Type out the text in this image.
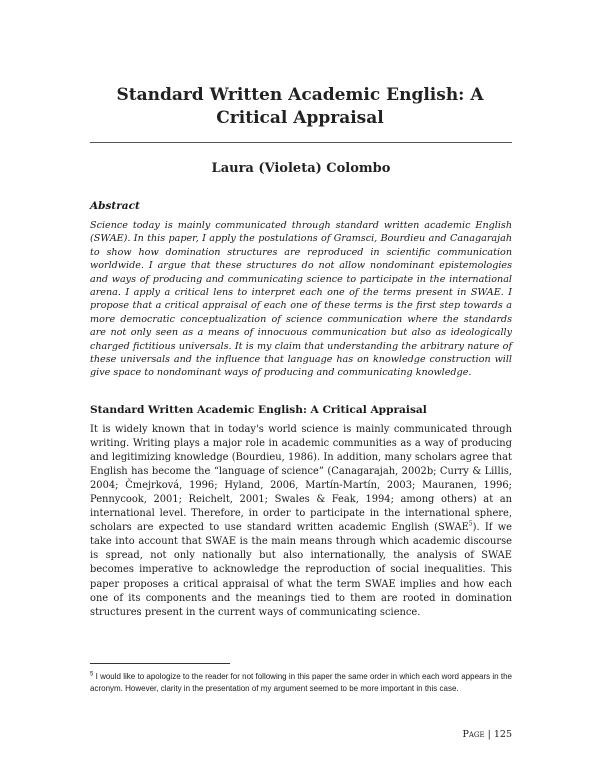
Standard Written Academic English: A Critical Appraisal
Laura (Violeta) Colombo
Abstract
Science today is mainly communicated through standard written academic English (SWAE). In this paper, I apply the postulations of Gramsci, Bourdieu and Canagarajah to show how domination structures are reproduced in scientific communication worldwide. I argue that these structures do not allow nondominant epistemologies and ways of producing and communicating science to participate in the international arena. I apply a critical lens to interpret each one of the terms present in SWAE. I propose that a critical appraisal of each one of these terms is the first step towards a more democratic conceptualization of science communication where the standards are not only seen as a means of innocuous communication but also as ideologically charged fictitious universals. It is my claim that understanding the arbitrary nature of these universals and the influence that language has on knowledge construction will give space to nondominant ways of producing and communicating knowledge.
Standard Written Academic English: A Critical Appraisal
It is widely known that in today's world science is mainly communicated through writing. Writing plays a major role in academic communities as a way of producing and legitimizing knowledge (Bourdieu, 1986). In addition, many scholars agree that English has become the “language of science” (Canagarajah, 2002b; Curry & Lillis, 2004; Čmejrková, 1996; Hyland, 2006, Martín-Martín, 2003; Mauranen, 1996; Pennycook, 2001; Reichelt, 2001; Swales & Feak, 1994; among others) at an international level. Therefore, in order to participate in the international sphere, scholars are expected to use standard written academic English (SWAE$^5$). If we take into account that SWAE is the main means through which academic discourse is spread, not only nationally but also internationally, the analysis of SWAE becomes imperative to acknowledge the reproduction of social inequalities. This paper proposes a critical appraisal of what the term SWAE implies and how each one of its components and the meanings tied to them are rooted in domination structures present in the current ways of communicating science.
$^5$ I would like to apologize to the reader for not following in this paper the same order in which each word appears in the acronym. However, clarity in the presentation of my argument seemed to be more important in this case.
Page | 125
